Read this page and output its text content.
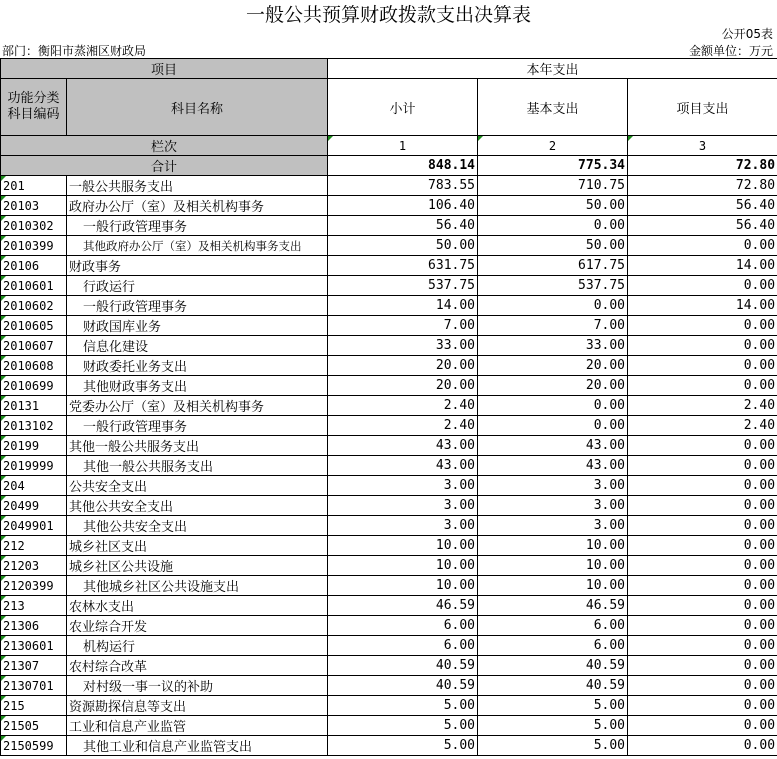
一般公共预算财政拨款支出决算表
公开05表
部门：衡阳市蒸湘区财政局	金额单位：万元
项目		本年支出		
功能分类科目编码	科目名称	小计	基本支出	项目支出
栏次		1	2	3
合计		848.14	775.34	72.80

201	一般公共服务支出	783.55	710.75	72.80

20103	政府办公厅（室）及相关机构事务	106.40	50.00	56.40

2010302	一般行政管理事务	56.40	0.00	56.40

2010399	其他政府办公厅（室）及相关机构事务支出	50.00	50.00	0.00

20106	财政事务	631.75	617.75	14.00

2010601	行政运行	537.75	537.75	0.00

2010602	一般行政管理事务	14.00	0.00	14.00

2010605	财政国库业务	7.00	7.00	0.00

2010607	信息化建设	33.00	33.00	0.00

2010608	财政委托业务支出	20.00	20.00	0.00

2010699	其他财政事务支出	20.00	20.00	0.00

20131	党委办公厅（室）及相关机构事务	2.40	0.00	2.40

2013102	一般行政管理事务	2.40	0.00	2.40

20199	其他一般公共服务支出	43.00	43.00	0.00

2019999	其他一般公共服务支出	43.00	43.00	0.00

204	公共安全支出	3.00	3.00	0.00

20499	其他公共安全支出	3.00	3.00	0.00

2049901	其他公共安全支出	3.00	3.00	0.00

212	城乡社区支出	10.00	10.00	0.00

21203	城乡社区公共设施	10.00	10.00	0.00

2120399	其他城乡社区公共设施支出	10.00	10.00	0.00

213	农林水支出	46.59	46.59	0.00

21306	农业综合开发	6.00	6.00	0.00

2130601	机构运行	6.00	6.00	0.00

21307	农村综合改革	40.59	40.59	0.00

2130701	对村级一事一议的补助	40.59	40.59	0.00

215	资源勘探信息等支出	5.00	5.00	0.00

21505	工业和信息产业监管	5.00	5.00	0.00

2150599	其他工业和信息产业监管支出	5.00	5.00	0.00
